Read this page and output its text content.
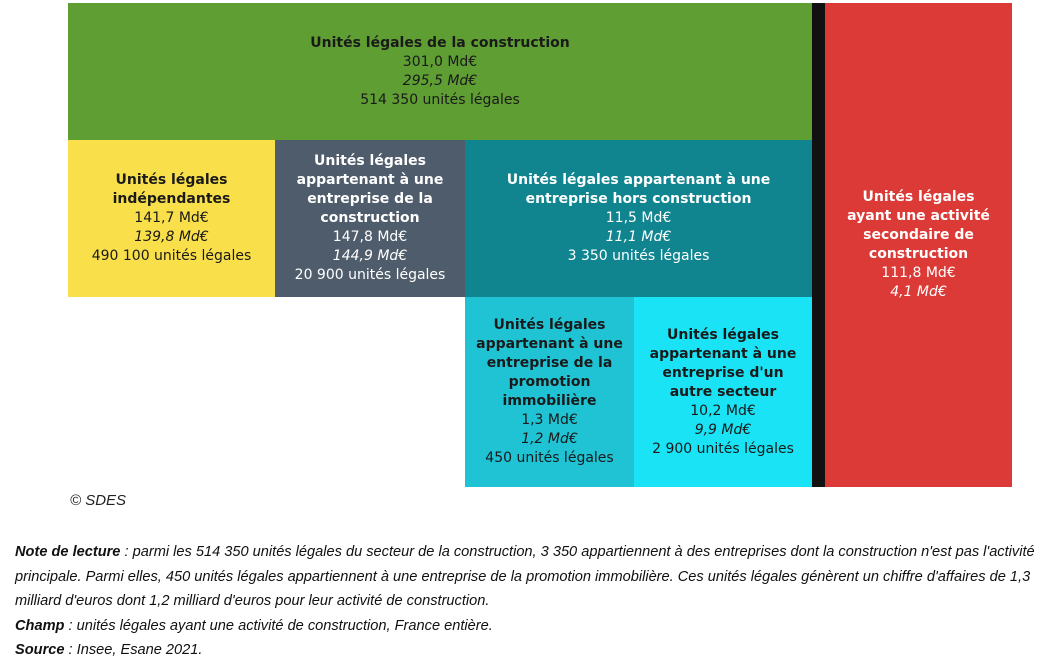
Unités légales de la construction
301,0 Md€
295,5 Md€
514 350 unités légales
Unités légales indépendantes
141,7 Md€
139,8 Md€
490 100 unités légales
Unités légales appartenant à une entreprise de la construction
147,8 Md€
144,9 Md€
20 900 unités légales
Unités légales appartenant à une entreprise hors construction
11,5 Md€
11,1 Md€
3 350 unités légales
Unités légales appartenant à une entreprise de la promotion immobilière
1,3 Md€
1,2 Md€
450 unités légales
Unités légales appartenant à une entreprise d'un autre secteur
10,2 Md€
9,9 Md€
2 900 unités légales
Unités légales ayant une activité secondaire de construction
111,8 Md€
4,1 Md€
© SDES
Note de lecture : parmi les 514 350 unités légales du secteur de la construction, 3 350 appartiennent à des entreprises dont la construction n'est pas l'activité principale. Parmi elles, 450 unités légales appartiennent à une entreprise de la promotion immobilière. Ces unités légales génèrent un chiffre d'affaires de 1,3 milliard d'euros dont 1,2 milliard d'euros pour leur activité de construction.
Champ : unités légales ayant une activité de construction, France entière.
Source : Insee, Esane 2021.
